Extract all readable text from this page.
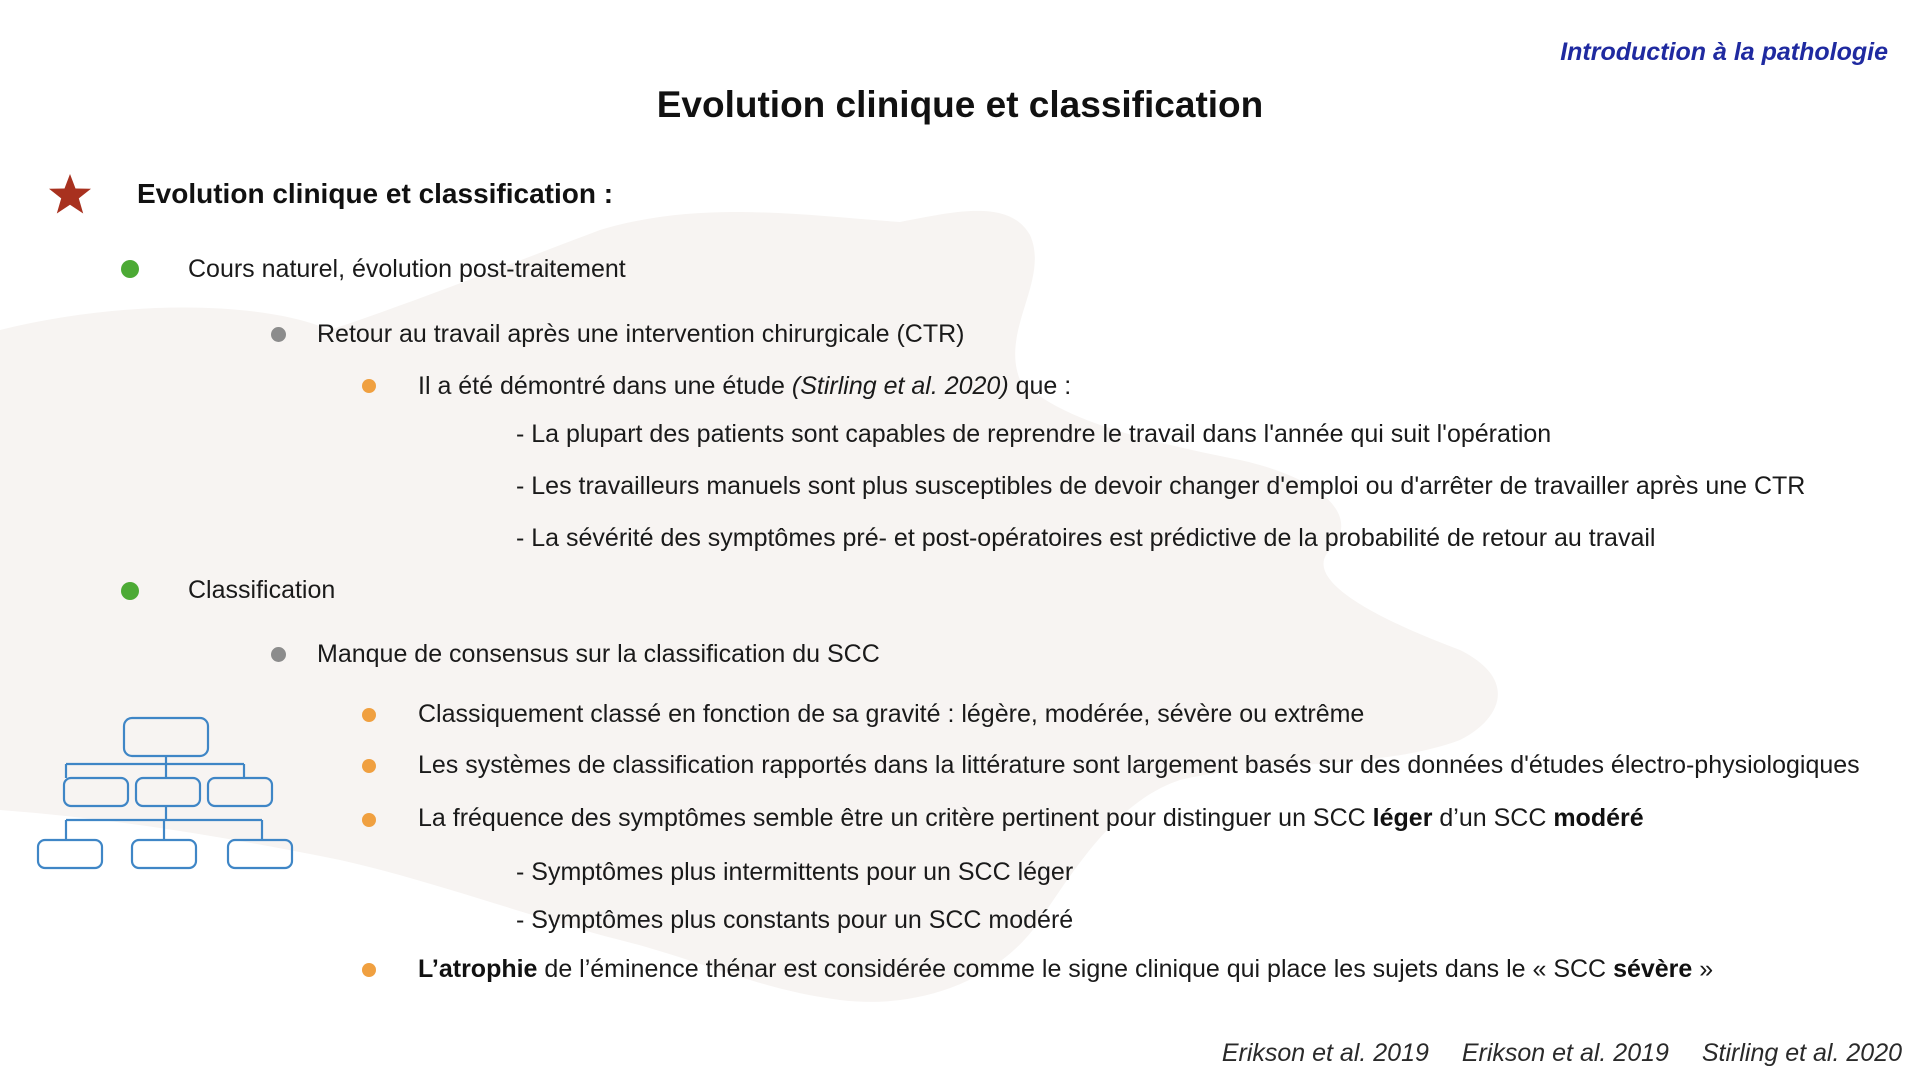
Introduction à la pathologie
Evolution clinique et classification
Evolution clinique et classification :
Cours naturel, évolution post-traitement
Retour au travail après une intervention chirurgicale (CTR)
Il a été démontré dans une étude (Stirling et al. 2020) que :
- La plupart des patients sont capables de reprendre le travail dans l'année qui suit l'opération
- Les travailleurs manuels sont plus susceptibles de devoir changer d'emploi ou d'arrêter de travailler après une CTR
- La sévérité des symptômes pré- et post-opératoires est prédictive de la probabilité de retour au travail
Classification
Manque de consensus sur la classification du SCC
Classiquement classé en fonction de sa gravité : légère, modérée, sévère ou extrême
Les systèmes de classification rapportés dans la littérature sont largement basés sur des données d'études électro-physiologiques
La fréquence des symptômes semble être un critère pertinent pour distinguer un SCC léger d’un SCC modéré
- Symptômes plus intermittents pour un SCC léger
- Symptômes plus constants pour un SCC modéré
L’atrophie de l’éminence thénar est considérée comme le signe clinique qui place les sujets dans le « SCC sévère »
Erikson et al. 2019 Erikson et al. 2019 Stirling et al. 2020
